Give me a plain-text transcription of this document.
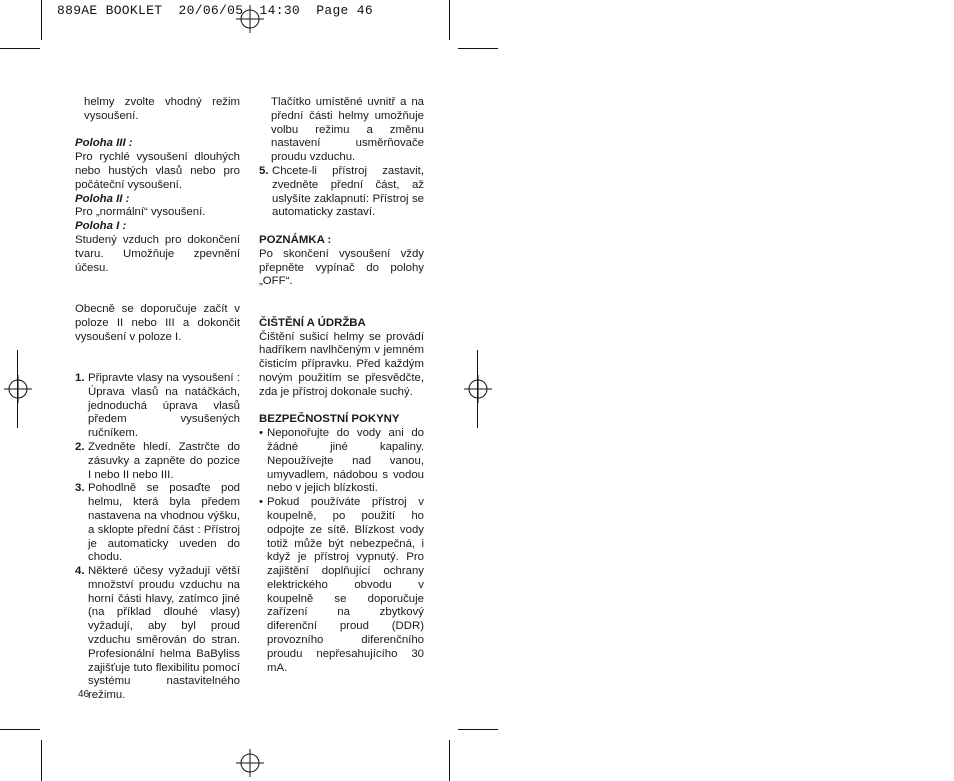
889AE BOOKLET  20/06/05  14:30  Page 46

helmy zvolte vhodný režim vysoušení.

Poloha III :

Pro rychlé vysoušení dlouhých nebo hustých vlasů nebo pro počáteční vysoušení.

Poloha II :

Pro „normální“ vysoušení.

Poloha I :

Studený vzduch pro dokončení tvaru. Umožňuje zpevnění účesu.

Obecně se doporučuje začít v poloze II nebo III a dokončit vysoušení v poloze I.

1. Připravte vlasy na vysoušení : Úprava vlasů na natáčkách, jednoduchá úprava vlasů předem vysušených ručníkem.

2. Zvedněte hledí. Zastrčte do zásuvky a zapněte do pozice I nebo II nebo III.

3. Pohodlně se posaďte pod helmu, která byla předem nastavena na vhodnou výšku, a sklopte přední část : Přístroj je automaticky uveden do chodu.

4. Některé účesy vyžadují větší množství proudu vzduchu na horní části hlavy, zatímco jiné (na příklad dlouhé vlasy) vyžadují, aby byl proud vzduchu směrován do stran. Profesionální helma BaByliss zajišťuje tuto flexibilitu pomocí systému nastavitelného režimu.

Tlačítko umístěné uvnitř a na přední části helmy umožňuje volbu režimu a změnu nastavení usměrňovače proudu vzduchu.

5. Chcete-li přístroj zastavit, zvedněte přední část, až uslyšíte zaklapnutí: Přístroj se automaticky zastaví.

POZNÁMKA :

Po skončení vysoušení vždy přepněte vypínač do polohy „OFF“.

ČIŠTĚNÍ A ÚDRŽBA

Čištění sušicí helmy se provádí hadříkem navlhčeným v jemném čisticím přípravku. Před každým novým použitím se přesvědčte, zda je přístroj dokonale suchý.

BEZPEČNOSTNÍ POKYNY

• Neponořujte do vody ani do žádné jiné kapaliny. Nepoužívejte nad vanou, umyvadlem, nádobou s vodou nebo v jejich blízkosti.

• Pokud používáte přístroj v koupelně, po použití ho odpojte ze sítě. Blízkost vody totiž může být nebezpečná, i když je přístroj vypnutý. Pro zajištění doplňující ochrany elektrického obvodu v koupelně se doporučuje zařízení na zbytkový diferenční proud (DDR) provozního diferenčního proudu nepřesahujícího 30 mA.

46
